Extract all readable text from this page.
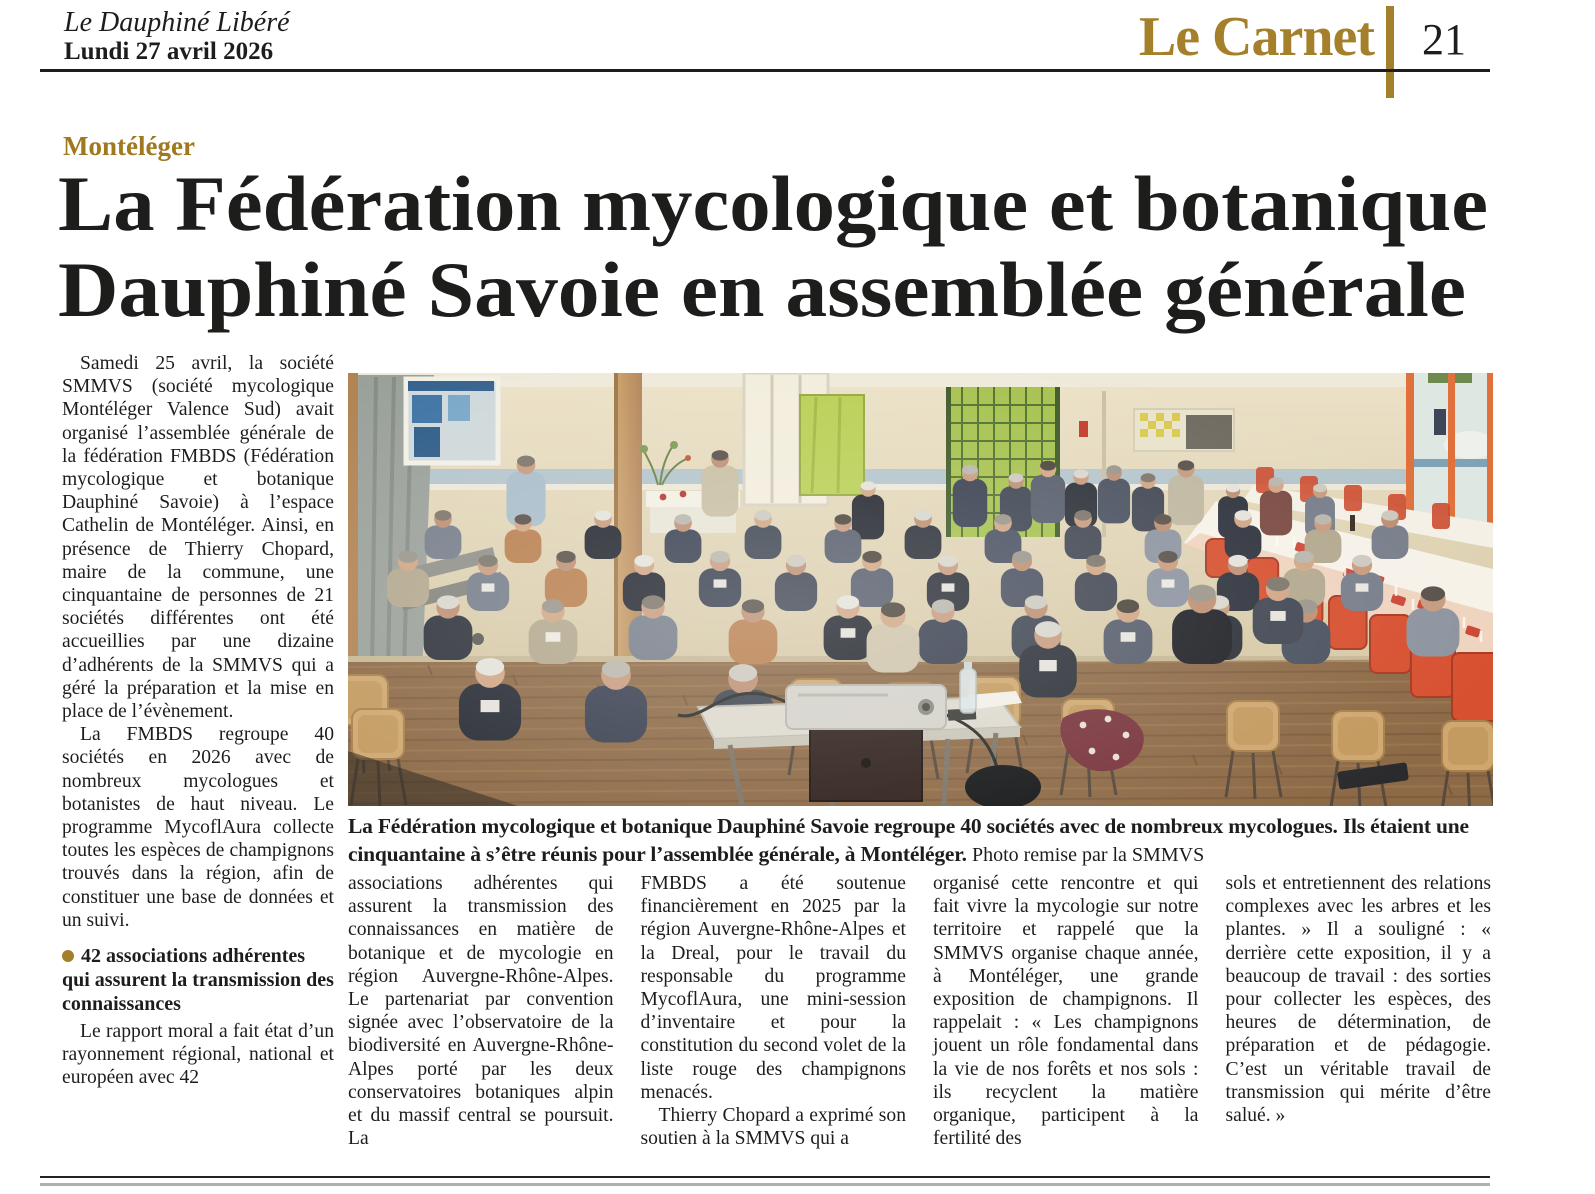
Le Dauphiné Libéré
Lundi 27 avril 2026	Le Carnet 21
Montéléger
La Fédération mycologique et botanique
Dauphiné Savoie en assemblée générale

Samedi 25 avril, la société SMMVS (société mycologique Montéléger Valence Sud) avait organisé l’assemblée générale de la fédération FMBDS (Fédération mycologique et botanique Dauphiné Savoie) à l’espace Cathelin de Montéléger. Ainsi, en présence de Thierry Chopard, maire de la commune, une cinquantaine de personnes de 21 sociétés différentes ont été accueillies par une dizaine d’adhérents de la SMMVS qui a géré la préparation et la mise en place de l’évènement.

La FMBDS regroupe 40 sociétés en 2026 avec de nombreux mycologues et botanistes de haut niveau. Le programme MycoflAura collecte toutes les espèces de champignons trouvés dans la région, afin de constituer une base de données et un suivi.

42 associations adhérentes qui assurent la transmission des connaissances

Le rapport moral a fait état d’un rayonnement régional, national et européen avec 42

La Fédération mycologique et botanique Dauphiné Savoie regroupe 40 sociétés avec de nombreux mycologues. Ils étaient une cinquantaine à s’être réunis pour l’assemblée générale, à Montéléger. Photo remise par la SMMVS

associations adhérentes qui assurent la transmission des connaissances en matière de botanique et de mycologie en région Auvergne-Rhône-Alpes. Le partenariat par convention signée avec l’observatoire de la biodiversité en Auvergne-Rhône-Alpes porté par les deux conservatoires botaniques alpin et du massif central se poursuit. La

FMBDS a été soutenue financièrement en 2025 par la région Auvergne-Rhône-Alpes et la Dreal, pour le travail du responsable du programme MycoflAura, une mini-session d’inventaire et pour la constitution du second volet de la liste rouge des champignons menacés.

Thierry Chopard a exprimé son soutien à la SMMVS qui a

organisé cette rencontre et qui fait vivre la mycologie sur notre territoire et rappelé que la SMMVS organise chaque année, à Montéléger, une grande exposition de champignons. Il rappelait : « Les champignons jouent un rôle fondamental dans la vie de nos forêts et nos sols : ils recyclent la matière organique, participent à la fertilité des

sols et entretiennent des relations complexes avec les arbres et les plantes. » Il a souligné : « derrière cette exposition, il y a beaucoup de travail : des sorties pour collecter les espèces, des heures de détermination, de préparation et de pédagogie. C’est un véritable travail de transmission qui mérite d’être salué. »
